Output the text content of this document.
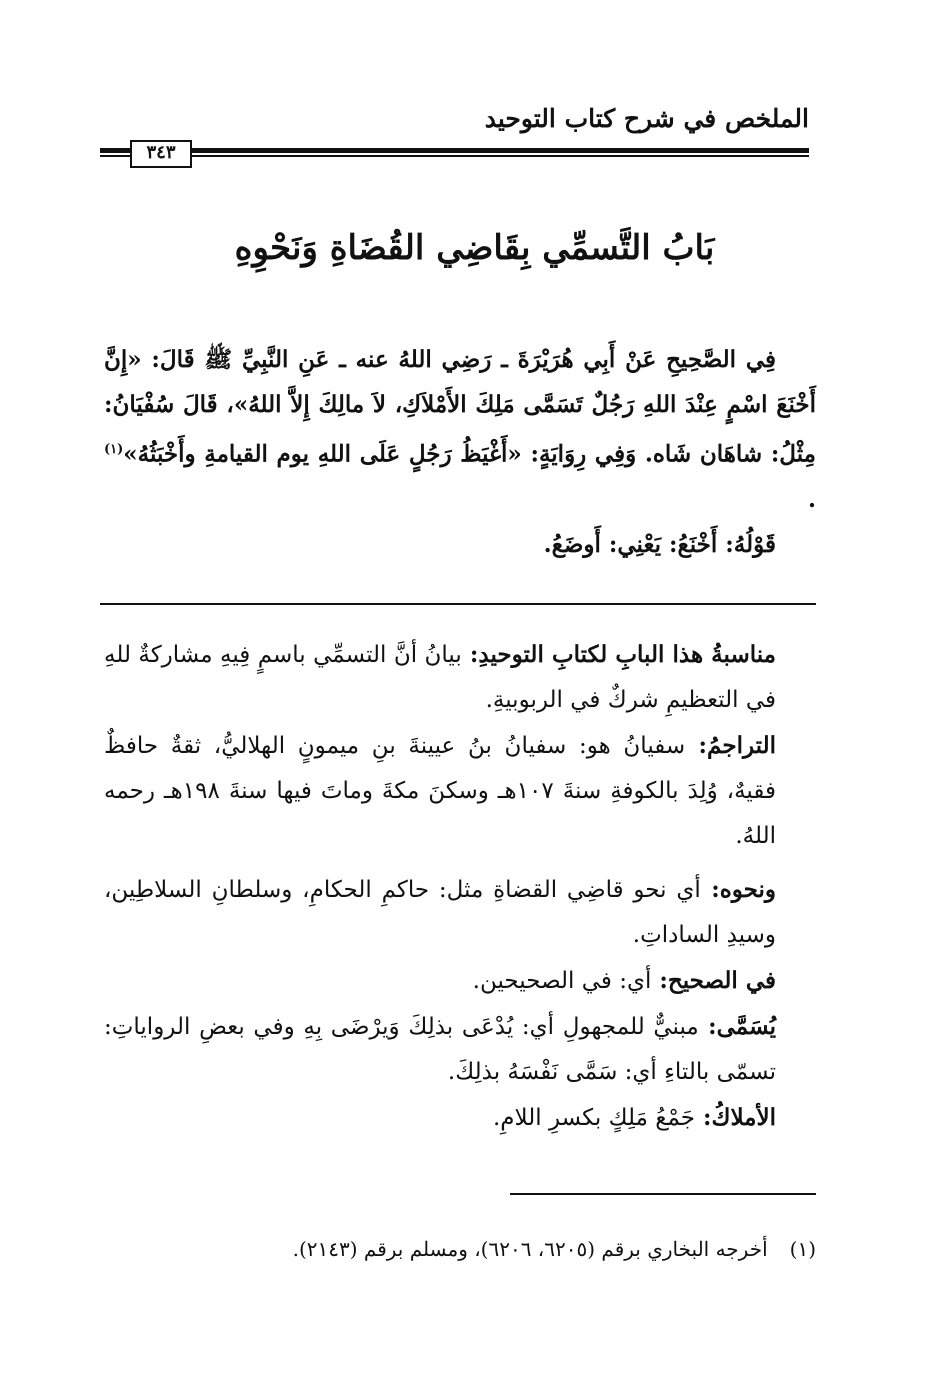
الملخص في شرح كتاب التوحيد
٣٤٣
بَابُ التَّسمِّي بِقَاضِي القُضَاةِ وَنَحْوِهِ

فِي الصَّحِيحِ عَنْ أَبِي هُرَيْرَةَ ـ رَضِي اللهُ عنه ـ عَنِ النَّبِيِّ ﷺ قَالَ: «إِنَّ أَخْنَعَ اسْمٍ عِنْدَ اللهِ رَجُلٌ تَسَمَّى مَلِكَ الأَمْلاَكِ، لاَ مالِكَ إِلاَّ اللهُ»، قَالَ سُفْيَانُ: مِثْلُ: شاهَان شَاه. وَفِي رِوَايَةٍ: «أَغْيَظُ رَجُلٍ عَلَى اللهِ يوم القيامةِ وأَخْبَثُهُ»$^{(١)}$ .

قَوْلُهُ: أَخْنَعُ: يَعْنِي: أَوضَعُ.

مناسبةُ هذا البابِ لكتابِ التوحيدِ: بيانُ أنَّ التسمِّي باسمٍ فِيهِ مشاركةٌ للهِ في التعظيمِ شركٌ في الربوبيةِ.

التراجمُ: سفيانُ هو: سفيانُ بنُ عيينةَ بنِ ميمونٍ الهلاليُّ، ثقةٌ حافظٌ فقيهٌ، وُلِدَ بالكوفةِ سنةَ ١٠٧هـ وسكنَ مكةَ وماتَ فيها سنةَ ١٩٨هـ رحمه اللهُ.

ونحوه: أي نحو قاضِي القضاةِ مثل: حاكمِ الحكامِ، وسلطانِ السلاطِين، وسيدِ الساداتِ.

في الصحيح: أي: في الصحيحين.

يُسَمَّى: مبنيٌّ للمجهولِ أي: يُدْعَى بذلِكَ وَيرْضَى بِهِ وفي بعضِ الرواياتِ: تسمّى بالتاءِ أي: سَمَّى نَفْسَهُ بذلِكَ.

الأملاكُ: جَمْعُ مَلِكٍ بكسرِ اللامِ.

(١)أخرجه البخاري برقم (٦٢٠٥، ٦٢٠٦)، ومسلم برقم (٢١٤٣).
